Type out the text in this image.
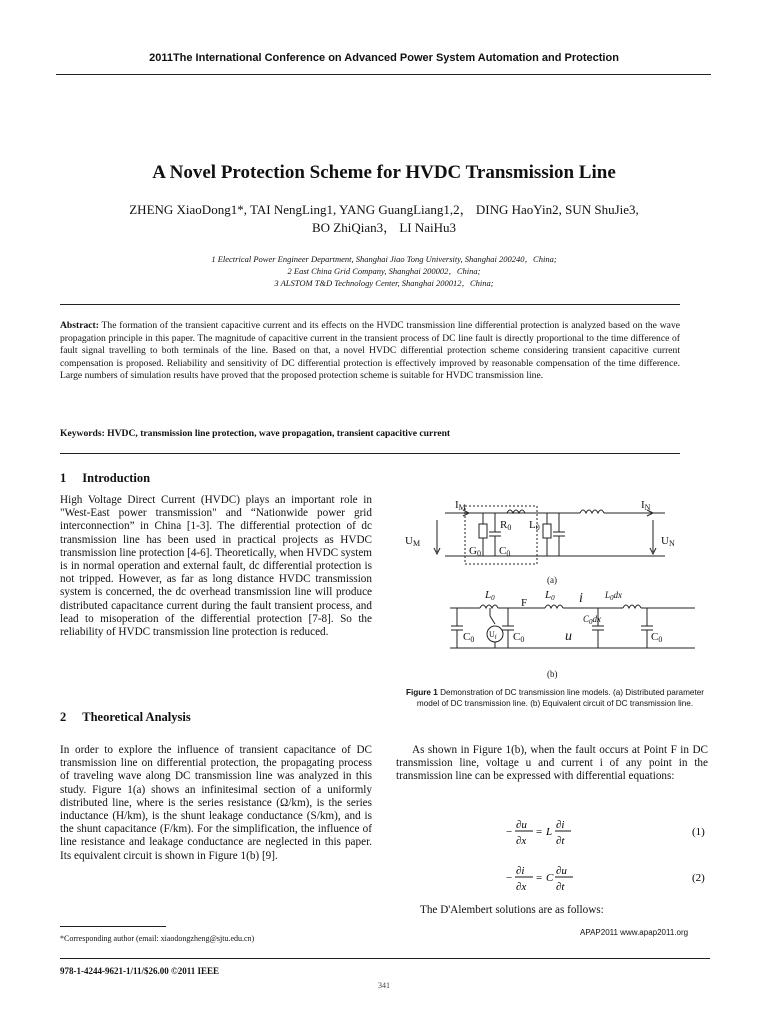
2011The International Conference on Advanced Power System Automation and Protection
A Novel Protection Scheme for HVDC Transmission Line
ZHENG XiaoDong1*, TAI NengLing1, YANG GuangLiang1,2， DING HaoYin2, SUN ShuJie3,
BO ZhiQian3， LI NaiHu3
1 Electrical Power Engineer Department, Shanghai Jiao Tong University, Shanghai 200240，China;
2 East China Grid Company, Shanghai 200002，China;
3 ALSTOM T&D Technology Center, Shanghai 200012，China;
Abstract: The formation of the transient capacitive current and its effects on the HVDC transmission line differential protection is analyzed based on the wave propagation principle in this paper. The magnitude of capacitive current in the transient process of DC line fault is directly proportional to the time difference of fault signal travelling to both terminals of the line. Based on that, a novel HVDC differential protection scheme considering transient capacitive current compensation is proposed. Reliability and sensitivity of DC differential protection is effectively improved by reasonable compensation of the time difference. Large numbers of simulation results have proved that the proposed protection scheme is suitable for HVDC transmission line.
Keywords: HVDC, transmission line protection, wave propagation, transient capacitive current
1 Introduction
High Voltage Direct Current (HVDC) plays an important role in "West-East power transmission" and “Nationwide power grid interconnection” in China [1-3]. The differential protection of dc transmission line has been used in practical projects as HVDC transmission line protection [4-6]. Theoretically, when HVDC system is in normal operation and external fault, dc differential protection is not tripped. However, as far as long distance HVDC transmission system is concerned, the dc overhead transmission line will produce distributed capacitance current during the fault transient process, and lead to misoperation of the differential protection [7-8]. So the reliability of HVDC transmission line protection is reduced.
2 Theoretical Analysis
In order to explore the influence of transient capacitance of DC transmission line on differential protection, the propagating process of traveling wave along DC transmission line was analyzed in this study. Figure 1(a) shows an infinitesimal section of a uniformly distributed line, where is the series resistance (Ω/km), is the series inductance (H/km), is the shunt leakage conductance (S/km), and is the shunt capacitance (F/km). For the simplification, the influence of line resistance and leakage conductance are neglected in this paper. Its equivalent circuit is shown in Figure 1(b) [9].
IM	IN
UM	UN
R0 L0
G0 C0
(a)
L0 F
L0 i $L_0dx$
$C_0dx$
C0
$U_f$ C0	u	C0
(b)
Figure 1 Demonstration of DC transmission line models. (a) Distributed parameter model of DC transmission line. (b) Equivalent circuit of DC transmission line.
As shown in Figure 1(b), when the fault occurs at Point F in DC transmission line, voltage u and current i of any point in the transmission line can be expressed with differential equations:
−
∂u
∂x
= L
∂i
∂t
(1)
−
∂i
∂x
= C
∂u
∂t
(2)
The D'Alembert solutions are as follows:
*Corresponding author (email: xiaodongzheng@sjtu.edu.cn)
APAP2011 www.apap2011.org
978-1-4244-9621-1/11/$26.00 ©2011 IEEE
341
